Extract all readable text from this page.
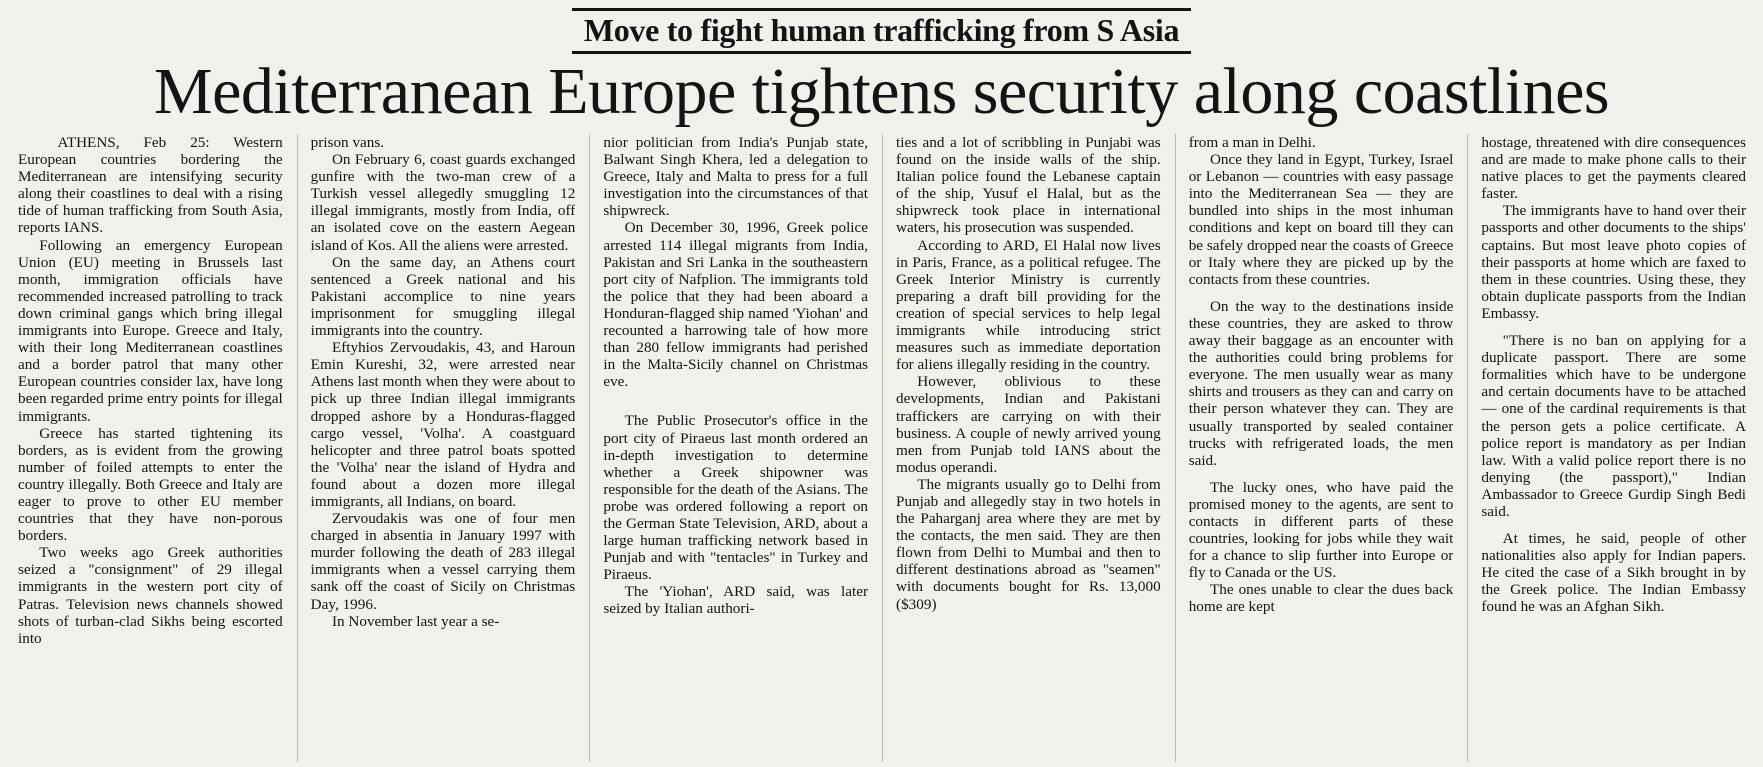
Move to fight human trafficking from S Asia
Mediterranean Europe tightens security along coastlines

ATHENS, Feb 25: Western European countries bordering the Mediterranean are intensifying security along their coastlines to deal with a rising tide of human trafficking from South Asia, reports IANS.

Following an emergency European Union (EU) meeting in Brussels last month, immigration officials have recommended increased patrolling to track down criminal gangs which bring illegal immigrants into Europe. Greece and Italy, with their long Mediterranean coastlines and a border patrol that many other European countries consider lax, have long been regarded prime entry points for illegal immigrants.

Greece has started tightening its borders, as is evident from the growing number of foiled attempts to enter the country illegally. Both Greece and Italy are eager to prove to other EU member countries that they have non-porous borders.

Two weeks ago Greek authorities seized a "consignment" of 29 illegal immigrants in the western port city of Patras. Television news channels showed shots of turban-clad Sikhs being escorted into

prison vans.

On February 6, coast guards exchanged gunfire with the two-man crew of a Turkish vessel allegedly smuggling 12 illegal immigrants, mostly from India, off an isolated cove on the eastern Aegean island of Kos. All the aliens were arrested.

On the same day, an Athens court sentenced a Greek national and his Pakistani accomplice to nine years imprisonment for smuggling illegal immigrants into the country.

Eftyhios Zervoudakis, 43, and Haroun Emin Kureshi, 32, were arrested near Athens last month when they were about to pick up three Indian illegal immigrants dropped ashore by a Honduras-flagged cargo vessel, 'Volha'. A coastguard helicopter and three patrol boats spotted the 'Volha' near the island of Hydra and found about a dozen more illegal immigrants, all Indians, on board.

Zervoudakis was one of four men charged in absentia in January 1997 with murder following the death of 283 illegal immigrants when a vessel carrying them sank off the coast of Sicily on Christmas Day, 1996.

In November last year a se-

nior politician from India's Punjab state, Balwant Singh Khera, led a delegation to Greece, Italy and Malta to press for a full investigation into the circumstances of that shipwreck.

On December 30, 1996, Greek police arrested 114 illegal migrants from India, Pakistan and Sri Lanka in the southeastern port city of Nafplion. The immigrants told the police that they had been aboard a Honduran-flagged ship named 'Yiohan' and recounted a harrowing tale of how more than 280 fellow immigrants had perished in the Malta-Sicily channel on Christmas eve.

The Public Prosecutor's office in the port city of Piraeus last month ordered an in-depth investigation to determine whether a Greek shipowner was responsible for the death of the Asians. The probe was ordered following a report on the German State Television, ARD, about a large human trafficking network based in Punjab and with "tentacles" in Turkey and Piraeus.

The 'Yiohan', ARD said, was later seized by Italian authori-

ties and a lot of scribbling in Punjabi was found on the inside walls of the ship. Italian police found the Lebanese captain of the ship, Yusuf el Halal, but as the shipwreck took place in international waters, his prosecution was suspended.

According to ARD, El Halal now lives in Paris, France, as a political refugee. The Greek Interior Ministry is currently preparing a draft bill providing for the creation of special services to help legal immigrants while introducing strict measures such as immediate deportation for aliens illegally residing in the country.

However, oblivious to these developments, Indian and Pakistani traffickers are carrying on with their business. A couple of newly arrived young men from Punjab told IANS about the modus operandi.

The migrants usually go to Delhi from Punjab and allegedly stay in two hotels in the Paharganj area where they are met by the contacts, the men said. They are then flown from Delhi to Mumbai and then to different destinations abroad as "seamen" with documents bought for Rs. 13,000 ($309)

from a man in Delhi.

Once they land in Egypt, Turkey, Israel or Lebanon — countries with easy passage into the Mediterranean Sea — they are bundled into ships in the most inhuman conditions and kept on board till they can be safely dropped near the coasts of Greece or Italy where they are picked up by the contacts from these countries.

On the way to the destinations inside these countries, they are asked to throw away their baggage as an encounter with the authorities could bring problems for everyone. The men usually wear as many shirts and trousers as they can and carry on their person whatever they can. They are usually transported by sealed container trucks with refrigerated loads, the men said.

The lucky ones, who have paid the promised money to the agents, are sent to contacts in different parts of these countries, looking for jobs while they wait for a chance to slip further into Europe or fly to Canada or the US.

The ones unable to clear the dues back home are kept

hostage, threatened with dire consequences and are made to make phone calls to their native places to get the payments cleared faster.

The immigrants have to hand over their passports and other documents to the ships' captains. But most leave photo copies of their passports at home which are faxed to them in these countries. Using these, they obtain duplicate passports from the Indian Embassy.

"There is no ban on applying for a duplicate passport. There are some formalities which have to be undergone and certain documents have to be attached — one of the cardinal requirements is that the person gets a police certificate. A police report is mandatory as per Indian law. With a valid police report there is no denying (the passport)," Indian Ambassador to Greece Gurdip Singh Bedi said.

At times, he said, people of other nationalities also apply for Indian papers. He cited the case of a Sikh brought in by the Greek police. The Indian Embassy found he was an Afghan Sikh.
